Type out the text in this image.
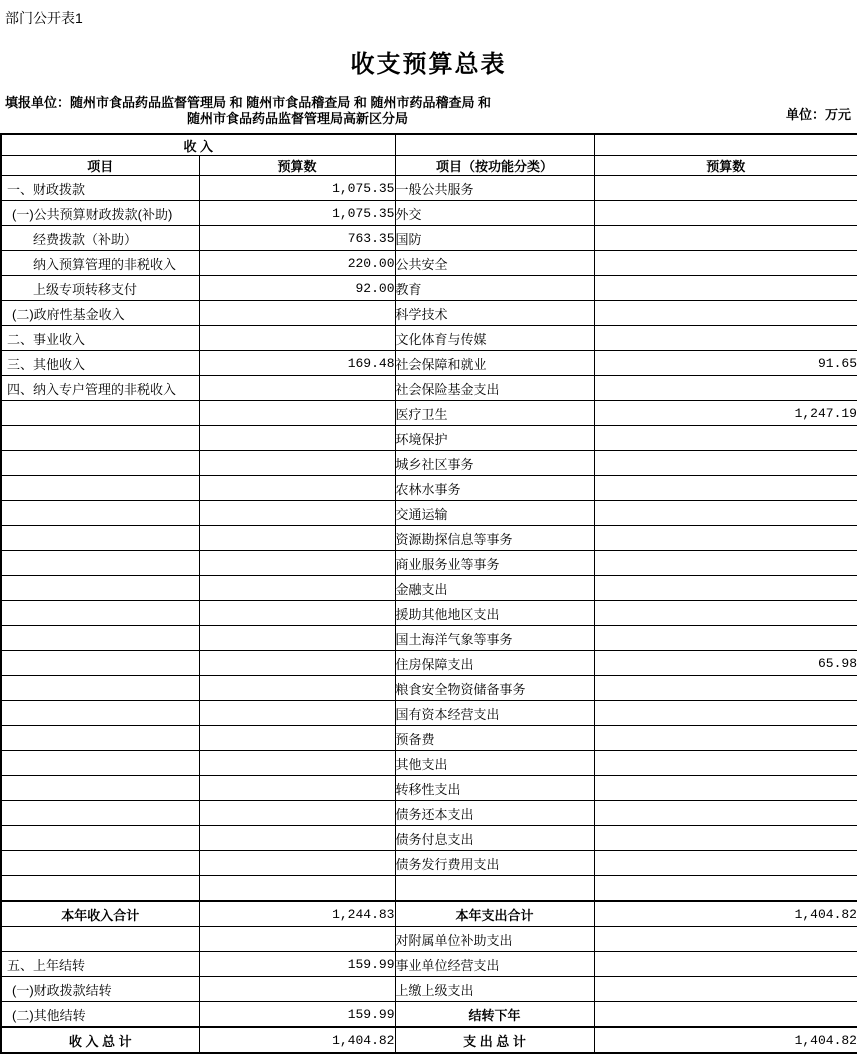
部门公开表1
收支预算总表
填报单位：随州市食品药品监督管理局 和 随州市食品稽查局 和 随州市药品稽查局 和
随州市食品药品监督管理局高新区分局	单位：万元
收 入			
项目	预算数	项目（按功能分类）	预算数
一、财政拨款	1,075.35	一般公共服务	
(一)公共预算财政拨款(补助)	1,075.35	外交	
经费拨款（补助）	763.35	国防	
纳入预算管理的非税收入	220.00	公共安全	
上级专项转移支付	92.00	教育	
(二)政府性基金收入		科学技术	
二、事业收入		文化体育与传媒	
三、其他收入	169.48	社会保障和就业	91.65
四、纳入专户管理的非税收入		社会保险基金支出	
		医疗卫生	1,247.19
		环境保护	
		城乡社区事务	
		农林水事务	
		交通运输	
		资源勘探信息等事务	
		商业服务业等事务	
		金融支出	
		援助其他地区支出	
		国土海洋气象等事务	
		住房保障支出	65.98
		粮食安全物资储备事务	
		国有资本经营支出	
		预备费	
		其他支出	
		转移性支出	
		债务还本支出	
		债务付息支出	
		债务发行费用支出	

本年收入合计	1,244.83	本年支出合计	1,404.82
		对附属单位补助支出	
五、上年结转	159.99	事业单位经营支出	
(一)财政拨款结转		上缴上级支出	
(二)其他结转	159.99	结转下年	
收 入 总 计	1,404.82	支 出 总 计	1,404.82
